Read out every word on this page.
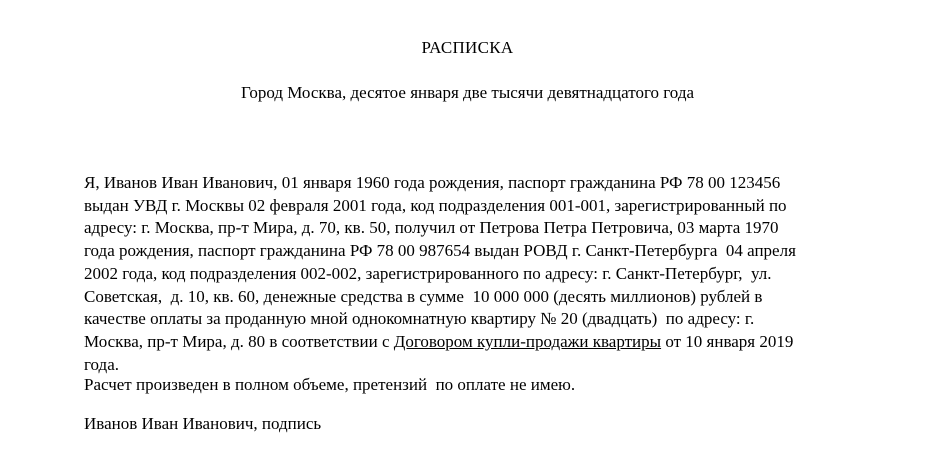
РАСПИСКА
Город Москва, десятое января две тысячи девятнадцатого года
Я, Иванов Иван Иванович, 01 января 1960 года рождения, паспорт гражданина РФ 78 00 123456
выдан УВД г. Москвы 02 февраля 2001 года, код подразделения 001-001, зарегистрированный по
адресу: г. Москва, пр-т Мира, д. 70, кв. 50, получил от Петрова Петра Петровича, 03 марта 1970
года рождения, паспорт гражданина РФ 78 00 987654 выдан РОВД г. Санкт-Петербурга  04 апреля
2002 года, код подразделения 002-002, зарегистрированного по адресу: г. Санкт-Петербург,  ул.
Советская,  д. 10, кв. 60, денежные средства в сумме  10 000 000 (десять миллионов) рублей в
качестве оплаты за проданную мной однокомнатную квартиру № 20 (двадцать)  по адресу: г.
Москва, пр-т Мира, д. 80 в соответствии с Договором купли-продажи квартиры от 10 января 2019
года.
Расчет произведен в полном объеме, претензий  по оплате не имею.
Иванов Иван Иванович, подпись
